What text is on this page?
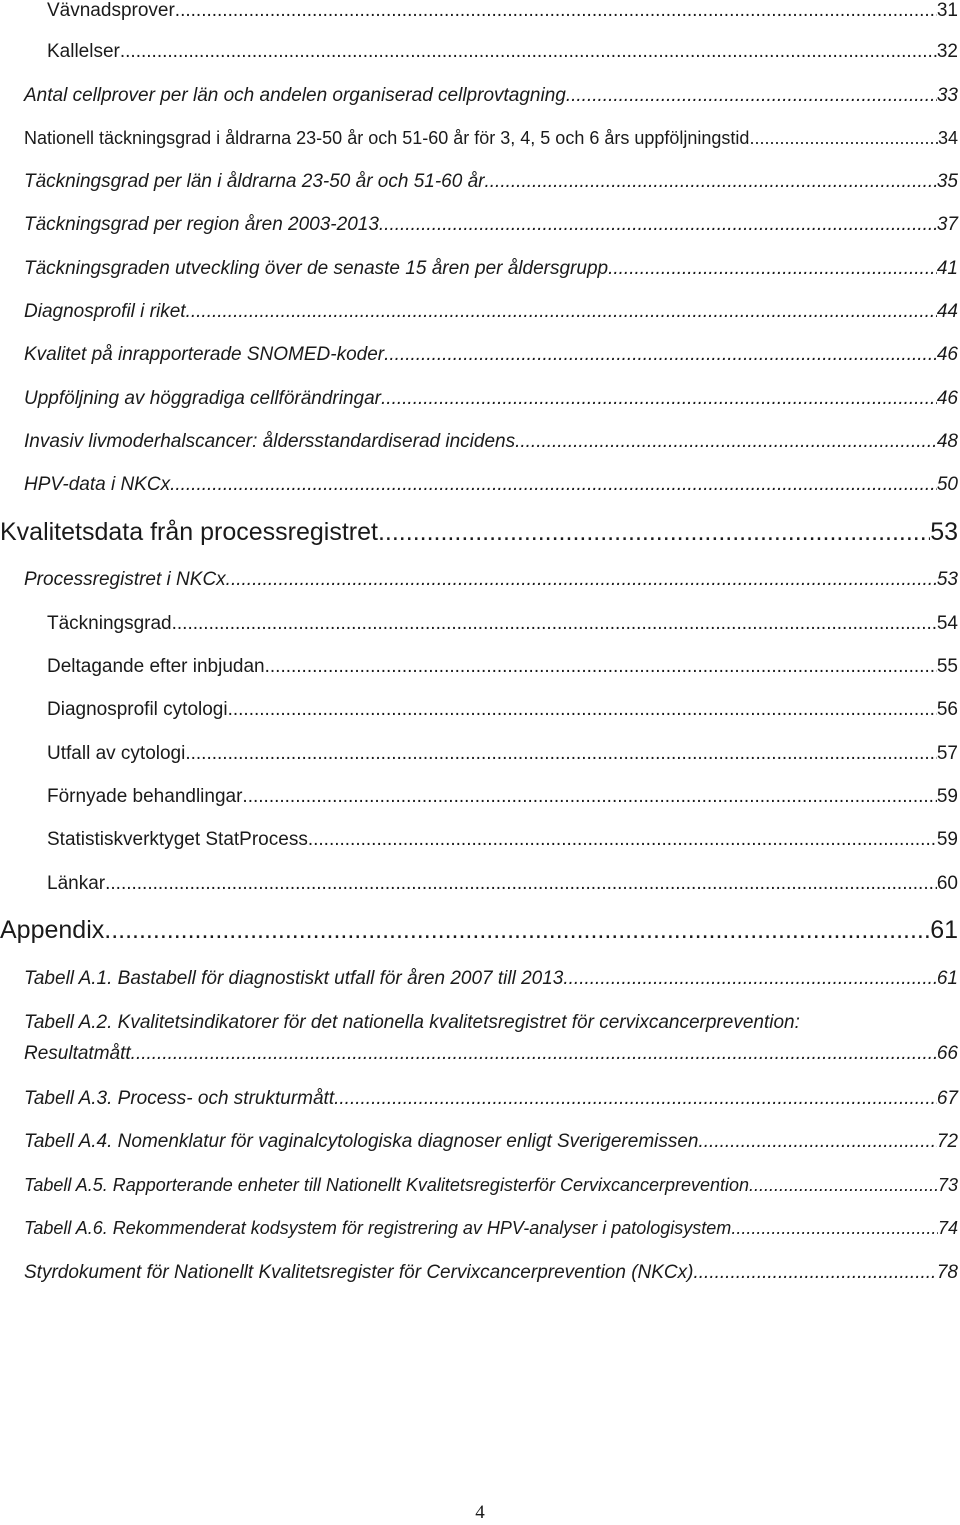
Vävnadsprover .....	31
Kallelser .....	32
Antal cellprover per län och andelen organiserad cellprovtagning .....	33
Nationell täckningsgrad i åldrarna 23-50 år och 51-60 år för 3, 4, 5 och 6 års uppföljningstid .....	34
Täckningsgrad per län i åldrarna 23-50 år och 51-60 år .....	35
Täckningsgrad per region åren 2003-2013 .....	37
Täckningsgraden utveckling över de senaste 15 åren per åldersgrupp .....	41
Diagnosprofil i riket .....	44
Kvalitet på inrapporterade SNOMED-koder .....	46
Uppföljning av höggradiga cellförändringar .....	46
Invasiv livmoderhalscancer: åldersstandardiserad incidens. .....	48
HPV-data i NKCx .....	50
Kvalitetsdata från processregistret .....	53
Processregistret i NKCx .....	53
Täckningsgrad .....	54
Deltagande efter inbjudan .....	55
Diagnosprofil cytologi .....	56
Utfall av cytologi .....	57
Förnyade behandlingar .....	59
Statistiskverktyget StatProcess .....	59
Länkar .....	60
Appendix .....	61
Tabell A.1. Bastabell för diagnostiskt utfall för åren 2007 till 2013. .....	61
Tabell A.2. Kvalitetsindikatorer för det nationella kvalitetsregistret för cervixcancerprevention:
Resultatmått. .....	66
Tabell A.3. Process- och strukturmått. .....	67
Tabell A.4. Nomenklatur för vaginalcytologiska diagnoser enligt Sverigeremissen. .....	72
Tabell A.5. Rapporterande enheter till Nationellt Kvalitetsregisterför Cervixcancerprevention. .....	73
Tabell A.6. Rekommenderat kodsystem för registrering av HPV-analyser i patologisystem .....	74
Styrdokument för Nationellt Kvalitetsregister för Cervixcancerprevention (NKCx). .....	78
4
